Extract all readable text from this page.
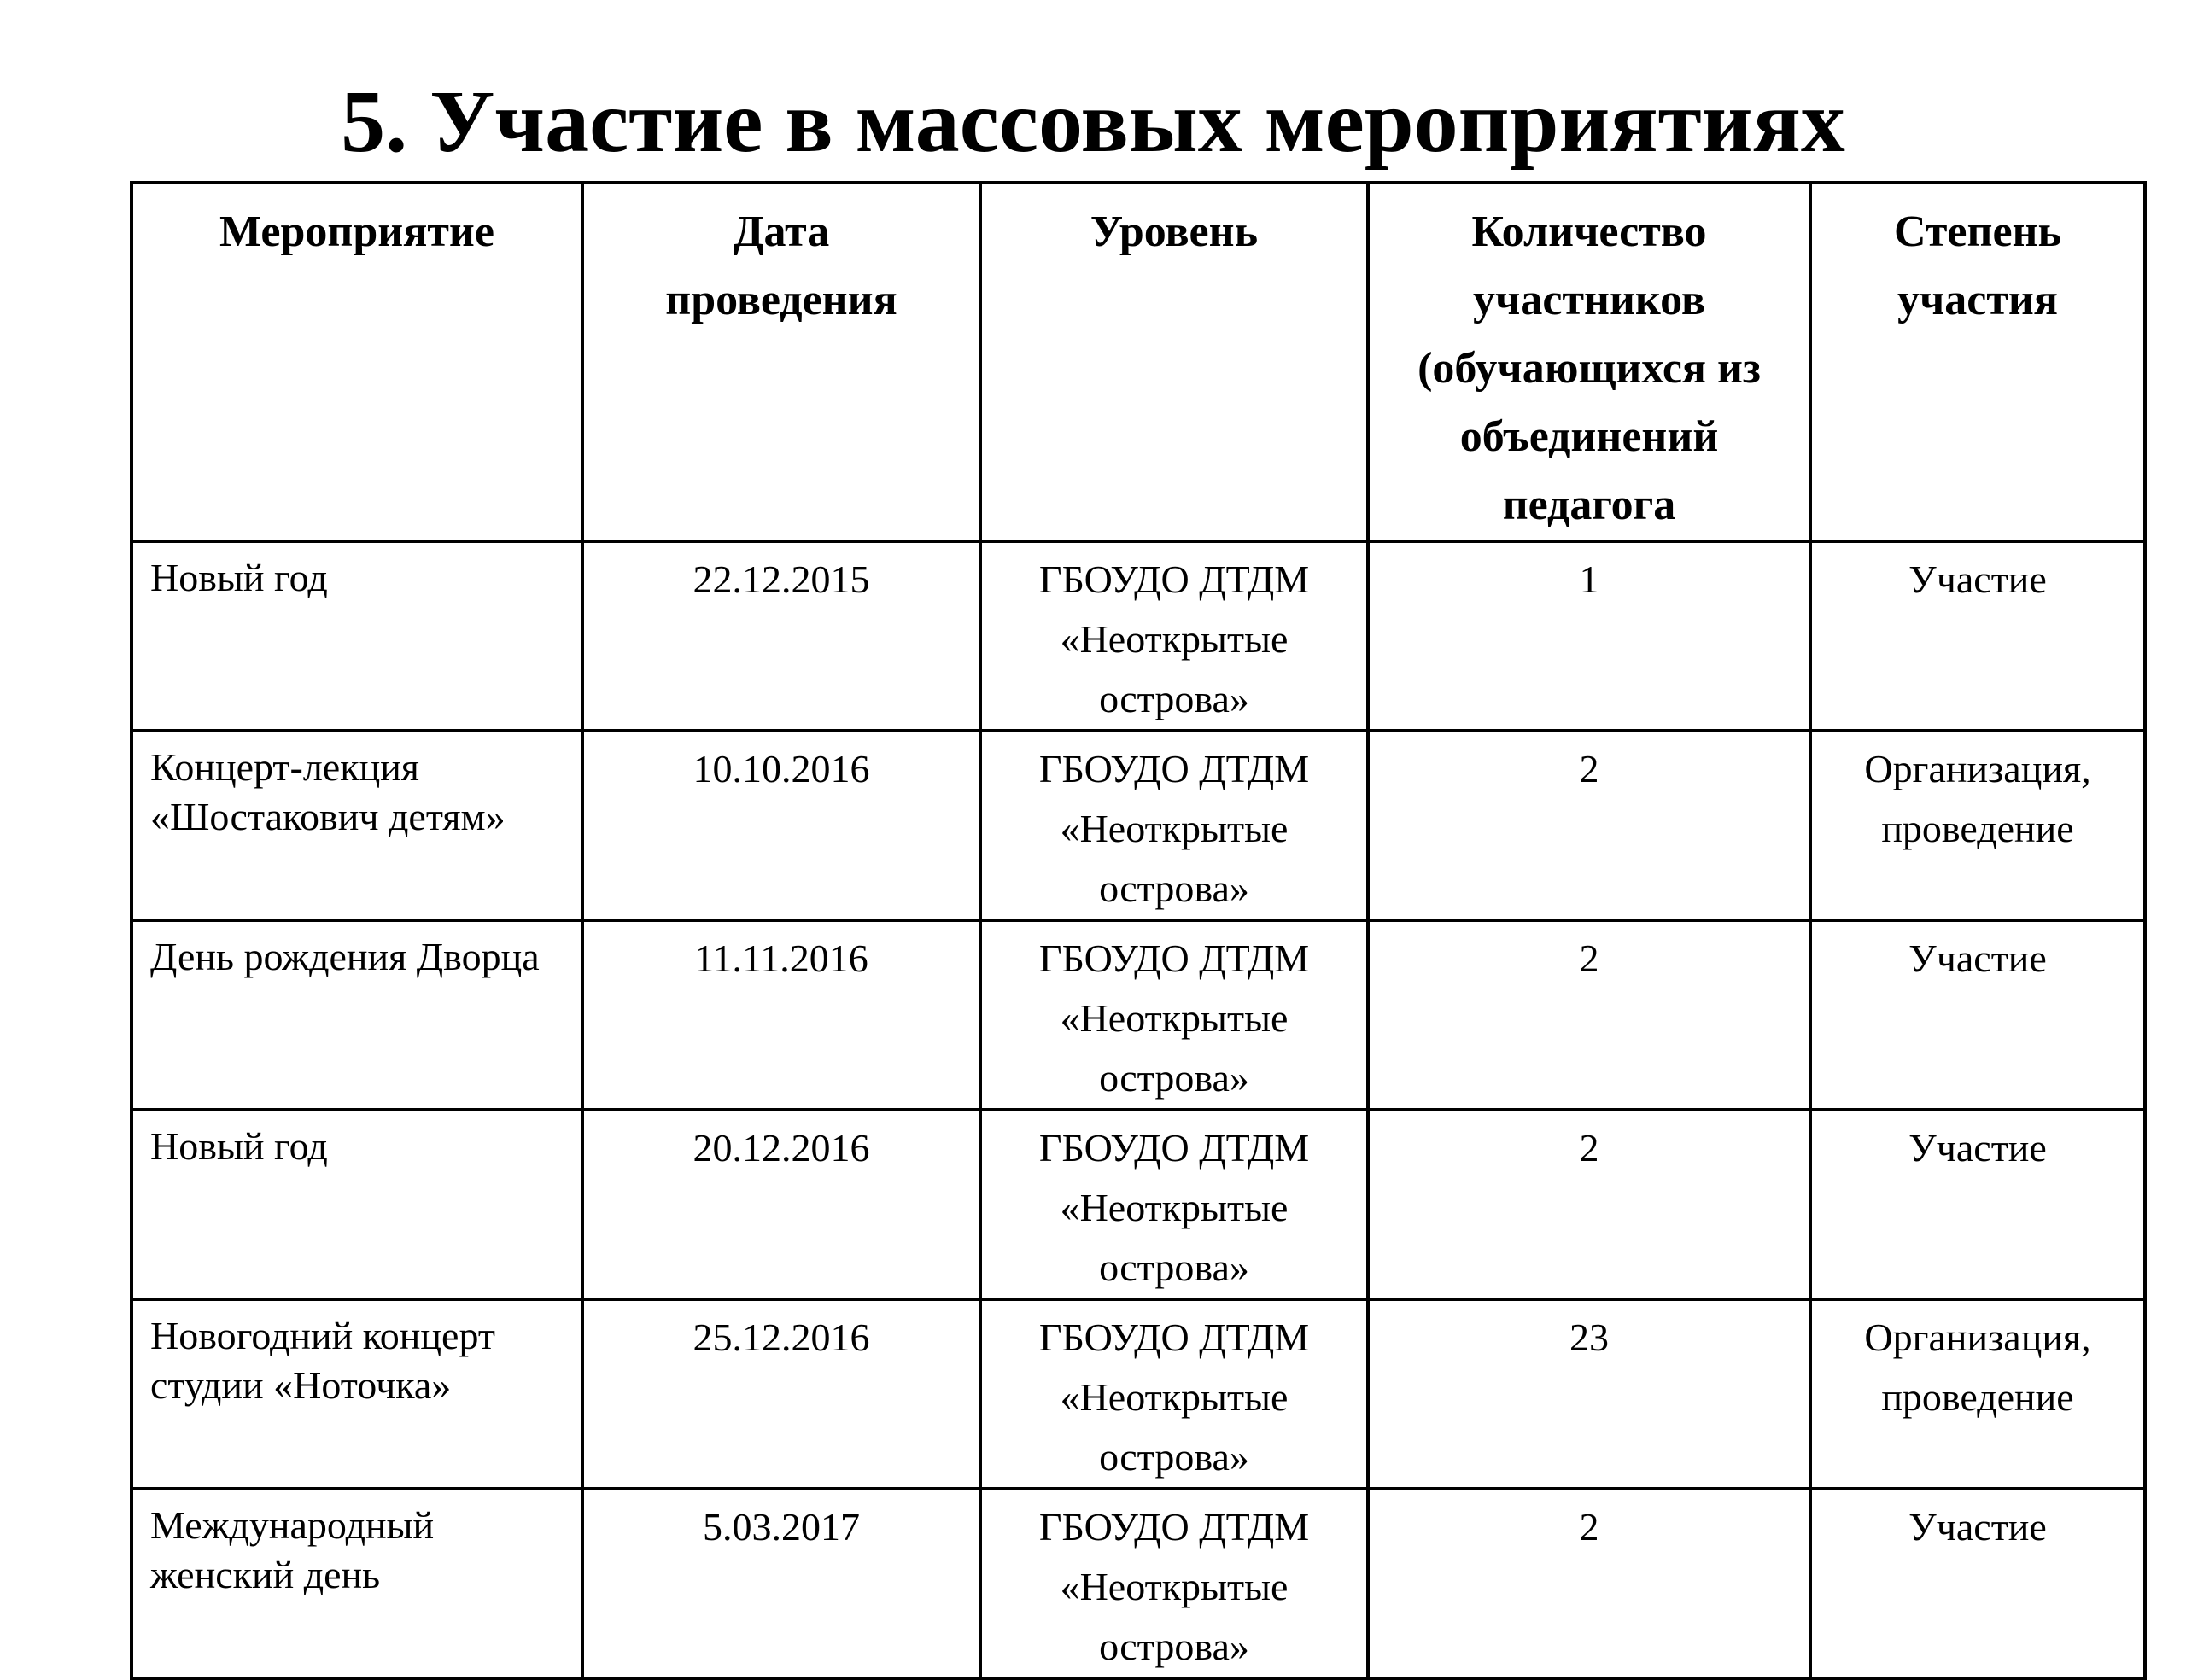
5. Участие в массовых мероприятиях
Мероприятие	Дата проведения	Уровень	Количество участников (обучающихся из объединений педагога	Степень участия

Новый год	22.12.2015	ГБОУДО ДТДМ «Неоткрытые острова»	1	Участие

Концерт-лекция «Шостакович детям»	10.10.2016	ГБОУДО ДТДМ «Неоткрытые острова»	2	Организация, проведение

День рождения Дворца	11.11.2016	ГБОУДО ДТДМ «Неоткрытые острова»	2	Участие

Новый год	20.12.2016	ГБОУДО ДТДМ «Неоткрытые острова»	2	Участие

Новогодний концерт студии «Ноточка»	25.12.2016	ГБОУДО ДТДМ «Неоткрытые острова»	23	Организация, проведение

Международный женский день	5.03.2017	ГБОУДО ДТДМ «Неоткрытые острова»	2	Участие
